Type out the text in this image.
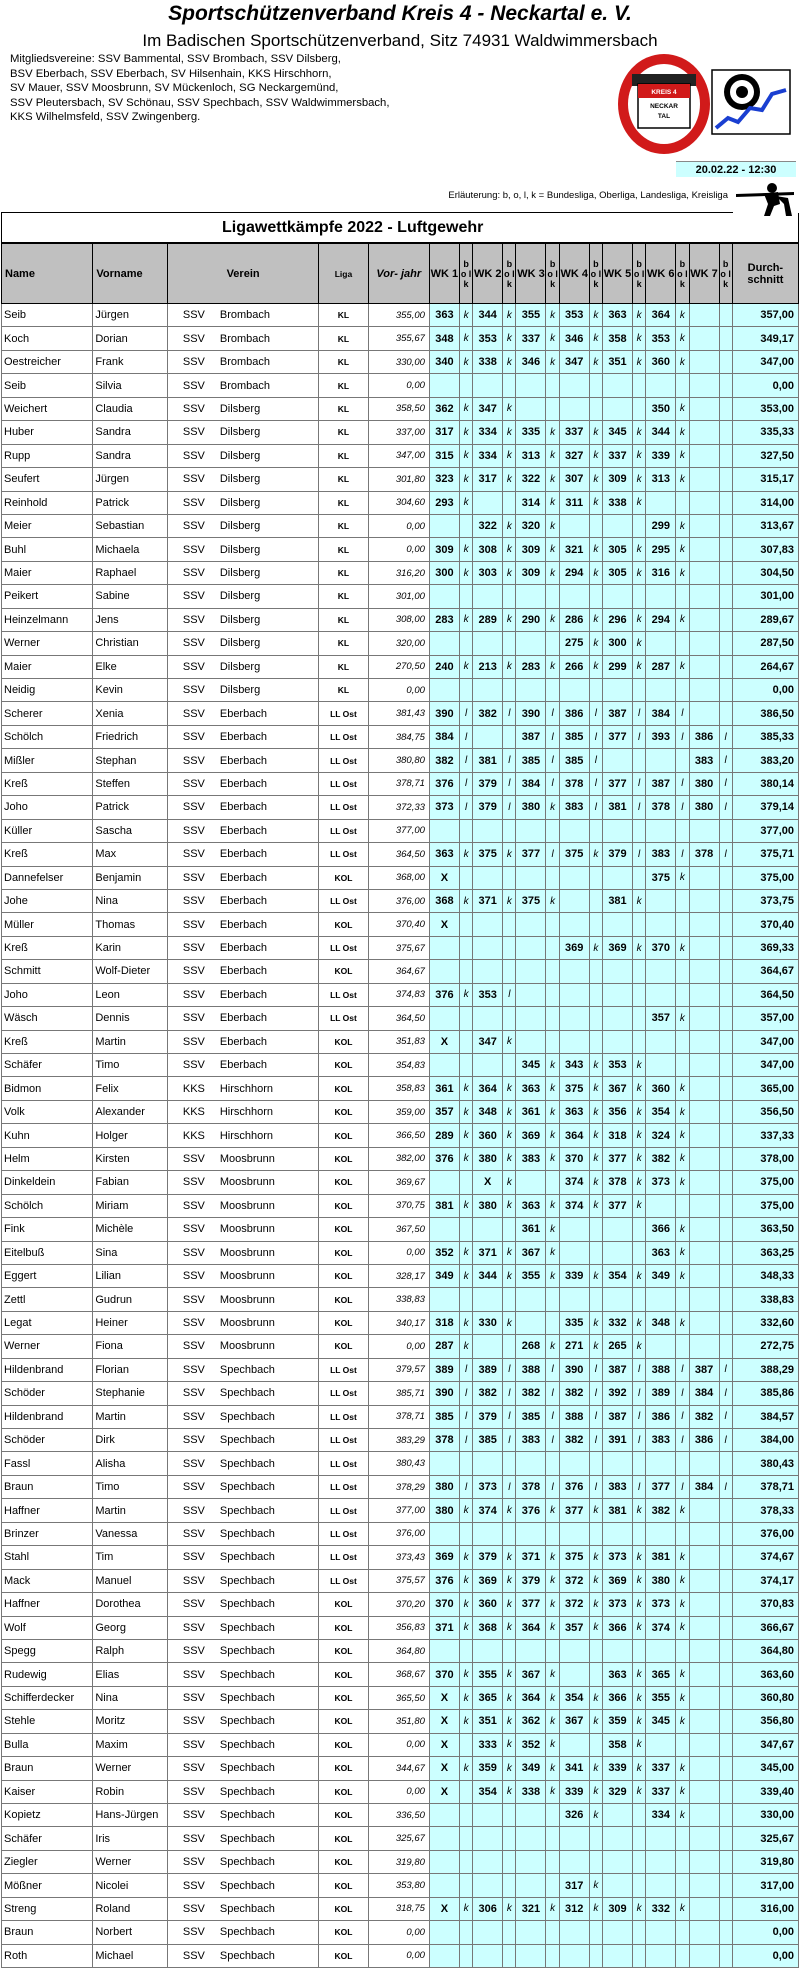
Sportschützenverband Kreis 4 - Neckartal e. V.
Im Badischen Sportschützenverband, Sitz 74931 Waldwimmersbach
Mitgliedsvereine: SSV Bammental, SSV Brombach, SSV Dilsberg,
BSV Eberbach, SSV Eberbach, SV Hilsenhain, KKS Hirschhorn,
SV Mauer, SSV Moosbrunn, SV Mückenloch, SG Neckargemünd,
SSV Pleutersbach, SV Schönau, SSV Spechbach, SSV Waldwimmersbach,
KKS Wilhelmsfeld, SSV Zwingenberg.
KREIS 4
NECKAR
TAL
20.02.22 - 12:30
Erläuterung: b, o, l, k = Bundesliga, Oberliga, Landesliga, Kreisliga
Ligawettkämpfe 2022 - Luftgewehr
Name	Vorname	Verein		Liga	Vor- jahr	WK 1	b o l k	WK 2	b o l k	WK 3	b o l k	WK 4	b o l k	WK 5	b o l k	WK 6	b o l k	WK 7	b o l k	Durch- schnitt
Seib	Jürgen	SSV	Brombach	KL	355,00	363	k	344	k	355	k	353	k	363	k	364	k			357,00
Koch	Dorian	SSV	Brombach	KL	355,67	348	k	353	k	337	k	346	k	358	k	353	k			349,17
Oestreicher	Frank	SSV	Brombach	KL	330,00	340	k	338	k	346	k	347	k	351	k	360	k			347,00
Seib	Silvia	SSV	Brombach	KL	0,00															0,00
Weichert	Claudia	SSV	Dilsberg	KL	358,50	362	k	347	k							350	k			353,00
Huber	Sandra	SSV	Dilsberg	KL	337,00	317	k	334	k	335	k	337	k	345	k	344	k			335,33
Rupp	Sandra	SSV	Dilsberg	KL	347,00	315	k	334	k	313	k	327	k	337	k	339	k			327,50
Seufert	Jürgen	SSV	Dilsberg	KL	301,80	323	k	317	k	322	k	307	k	309	k	313	k			315,17
Reinhold	Patrick	SSV	Dilsberg	KL	304,60	293	k			314	k	311	k	338	k					314,00
Meier	Sebastian	SSV	Dilsberg	KL	0,00			322	k	320	k					299	k			313,67
Buhl	Michaela	SSV	Dilsberg	KL	0,00	309	k	308	k	309	k	321	k	305	k	295	k			307,83
Maier	Raphael	SSV	Dilsberg	KL	316,20	300	k	303	k	309	k	294	k	305	k	316	k			304,50
Peikert	Sabine	SSV	Dilsberg	KL	301,00															301,00
Heinzelmann	Jens	SSV	Dilsberg	KL	308,00	283	k	289	k	290	k	286	k	296	k	294	k			289,67
Werner	Christian	SSV	Dilsberg	KL	320,00							275	k	300	k					287,50
Maier	Elke	SSV	Dilsberg	KL	270,50	240	k	213	k	283	k	266	k	299	k	287	k			264,67
Neidig	Kevin	SSV	Dilsberg	KL	0,00															0,00
Scherer	Xenia	SSV	Eberbach	LL Ost	381,43	390	l	382	l	390	l	386	l	387	l	384	l			386,50
Schölch	Friedrich	SSV	Eberbach	LL Ost	384,75	384	l			387	l	385	l	377	l	393	l	386	l	385,33
Mißler	Stephan	SSV	Eberbach	LL Ost	380,80	382	l	381	l	385	l	385	l					383	l	383,20
Kreß	Steffen	SSV	Eberbach	LL Ost	378,71	376	l	379	l	384	l	378	l	377	l	387	l	380	l	380,14
Joho	Patrick	SSV	Eberbach	LL Ost	372,33	373	l	379	l	380	k	383	l	381	l	378	l	380	l	379,14
Küller	Sascha	SSV	Eberbach	LL Ost	377,00															377,00
Kreß	Max	SSV	Eberbach	LL Ost	364,50	363	k	375	k	377	l	375	k	379	l	383	l	378	l	375,71
Dannefelser	Benjamin	SSV	Eberbach	KOL	368,00	X										375	k			375,00
Johe	Nina	SSV	Eberbach	LL Ost	376,00	368	k	371	k	375	k			381	k					373,75
Müller	Thomas	SSV	Eberbach	KOL	370,40	X														370,40
Kreß	Karin	SSV	Eberbach	LL Ost	375,67							369	k	369	k	370	k			369,33
Schmitt	Wolf-Dieter	SSV	Eberbach	KOL	364,67															364,67
Joho	Leon	SSV	Eberbach	LL Ost	374,83	376	k	353	l											364,50
Wäsch	Dennis	SSV	Eberbach	LL Ost	364,50											357	k			357,00
Kreß	Martin	SSV	Eberbach	KOL	351,83	X		347	k											347,00
Schäfer	Timo	SSV	Eberbach	KOL	354,83					345	k	343	k	353	k					347,00
Bidmon	Felix	KKS	Hirschhorn	KOL	358,83	361	k	364	k	363	k	375	k	367	k	360	k			365,00
Volk	Alexander	KKS	Hirschhorn	KOL	359,00	357	k	348	k	361	k	363	k	356	k	354	k			356,50
Kuhn	Holger	KKS	Hirschhorn	KOL	366,50	289	k	360	k	369	k	364	k	318	k	324	k			337,33
Helm	Kirsten	SSV	Moosbrunn	KOL	382,00	376	k	380	k	383	k	370	k	377	k	382	k			378,00
Dinkeldein	Fabian	SSV	Moosbrunn	KOL	369,67			X	k			374	k	378	k	373	k			375,00
Schölch	Miriam	SSV	Moosbrunn	KOL	370,75	381	k	380	k	363	k	374	k	377	k					375,00
Fink	Michèle	SSV	Moosbrunn	KOL	367,50					361	k					366	k			363,50
Eitelbuß	Sina	SSV	Moosbrunn	KOL	0,00	352	k	371	k	367	k					363	k			363,25
Eggert	Lilian	SSV	Moosbrunn	KOL	328,17	349	k	344	k	355	k	339	k	354	k	349	k			348,33
Zettl	Gudrun	SSV	Moosbrunn	KOL	338,83															338,83
Legat	Heiner	SSV	Moosbrunn	KOL	340,17	318	k	330	k			335	k	332	k	348	k			332,60
Werner	Fiona	SSV	Moosbrunn	KOL	0,00	287	k			268	k	271	k	265	k					272,75
Hildenbrand	Florian	SSV	Spechbach	LL Ost	379,57	389	l	389	l	388	l	390	l	387	l	388	l	387	l	388,29
Schöder	Stephanie	SSV	Spechbach	LL Ost	385,71	390	l	382	l	382	l	382	l	392	l	389	l	384	l	385,86
Hildenbrand	Martin	SSV	Spechbach	LL Ost	378,71	385	l	379	l	385	l	388	l	387	l	386	l	382	l	384,57
Schöder	Dirk	SSV	Spechbach	LL Ost	383,29	378	l	385	l	383	l	382	l	391	l	383	l	386	l	384,00
Fassl	Alisha	SSV	Spechbach	LL Ost	380,43															380,43
Braun	Timo	SSV	Spechbach	LL Ost	378,29	380	l	373	l	378	l	376	l	383	l	377	l	384	l	378,71
Haffner	Martin	SSV	Spechbach	LL Ost	377,00	380	k	374	k	376	k	377	k	381	k	382	k			378,33
Brinzer	Vanessa	SSV	Spechbach	LL Ost	376,00															376,00
Stahl	Tim	SSV	Spechbach	LL Ost	373,43	369	k	379	k	371	k	375	k	373	k	381	k			374,67
Mack	Manuel	SSV	Spechbach	LL Ost	375,57	376	k	369	k	379	k	372	k	369	k	380	k			374,17
Haffner	Dorothea	SSV	Spechbach	KOL	370,20	370	k	360	k	377	k	372	k	373	k	373	k			370,83
Wolf	Georg	SSV	Spechbach	KOL	356,83	371	k	368	k	364	k	357	k	366	k	374	k			366,67
Spegg	Ralph	SSV	Spechbach	KOL	364,80															364,80
Rudewig	Elias	SSV	Spechbach	KOL	368,67	370	k	355	k	367	k			363	k	365	k			363,60
Schifferdecker	Nina	SSV	Spechbach	KOL	365,50	X	k	365	k	364	k	354	k	366	k	355	k			360,80
Stehle	Moritz	SSV	Spechbach	KOL	351,80	X	k	351	k	362	k	367	k	359	k	345	k			356,80
Bulla	Maxim	SSV	Spechbach	KOL	0,00	X		333	k	352	k			358	k					347,67
Braun	Werner	SSV	Spechbach	KOL	344,67	X	k	359	k	349	k	341	k	339	k	337	k			345,00
Kaiser	Robin	SSV	Spechbach	KOL	0,00	X		354	k	338	k	339	k	329	k	337	k			339,40
Kopietz	Hans-Jürgen	SSV	Spechbach	KOL	336,50							326	k			334	k			330,00
Schäfer	Iris	SSV	Spechbach	KOL	325,67															325,67
Ziegler	Werner	SSV	Spechbach	KOL	319,80															319,80
Mößner	Nicolei	SSV	Spechbach	KOL	353,80							317	k							317,00
Streng	Roland	SSV	Spechbach	KOL	318,75	X	k	306	k	321	k	312	k	309	k	332	k			316,00
Braun	Norbert	SSV	Spechbach	KOL	0,00															0,00
Roth	Michael	SSV	Spechbach	KOL	0,00															0,00
